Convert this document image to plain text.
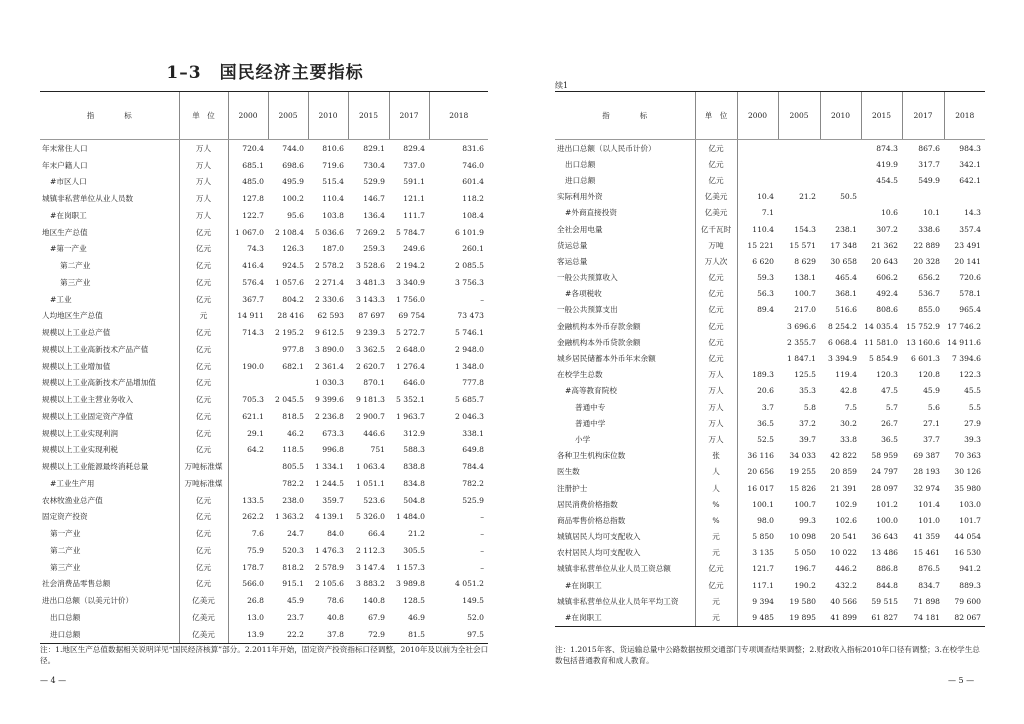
1–3　国民经济主要指标
续1
指　　　　标	单　位	2000	2005	2010	2015	2017	2018
年末常住人口	万人	720.4	744.0	810.6	829.1	829.4	831.6
年末户籍人口	万人	685.1	698.6	719.6	730.4	737.0	746.0
#市区人口	万人	485.0	495.9	515.4	529.9	591.1	601.4
城镇非私营单位从业人员数	万人	127.8	100.2	110.4	146.7	121.1	118.2
#在岗职工	万人	122.7	95.6	103.8	136.4	111.7	108.4
地区生产总值	亿元	1 067.0	2 108.4	5 036.6	7 269.2	5 784.7	6 101.9
#第一产业	亿元	74.3	126.3	187.0	259.3	249.6	260.1
第二产业	亿元	416.4	924.5	2 578.2	3 528.6	2 194.2	2 085.5
第三产业	亿元	576.4	1 057.6	2 271.4	3 481.3	3 340.9	3 756.3
#工业	亿元	367.7	804.2	2 330.6	3 143.3	1 756.0	–
人均地区生产总值	元	14 911	28 416	62 593	87 697	69 754	73 473
规模以上工业总产值	亿元	714.3	2 195.2	9 612.5	9 239.3	5 272.7	5 746.1
规模以上工业高新技术产品产值	亿元		977.8	3 890.0	3 362.5	2 648.0	2 948.0
规模以上工业增加值	亿元	190.0	682.1	2 361.4	2 620.7	1 276.4	1 348.0
规模以上工业高新技术产品增加值	亿元			1 030.3	870.1	646.0	777.8
规模以上工业主营业务收入	亿元	705.3	2 045.5	9 399.6	9 181.3	5 352.1	5 685.7
规模以上工业固定资产净值	亿元	621.1	818.5	2 236.8	2 900.7	1 963.7	2 046.3
规模以上工业实现利润	亿元	29.1	46.2	673.3	446.6	312.9	338.1
规模以上工业实现利税	亿元	64.2	118.5	996.8	751	588.3	649.8
规模以上工业能源最终消耗总量	万吨标准煤		805.5	1 334.1	1 063.4	838.8	784.4
#工业生产用	万吨标准煤		782.2	1 244.5	1 051.1	834.8	782.2
农林牧渔业总产值	亿元	133.5	238.0	359.7	523.6	504.8	525.9
固定资产投资	亿元	262.2	1 363.2	4 139.1	5 326.0	1 484.0	–
第一产业	亿元	7.6	24.7	84.0	66.4	21.2	–
第二产业	亿元	75.9	520.3	1 476.3	2 112.3	305.5	–
第三产业	亿元	178.7	818.2	2 578.9	3 147.4	1 157.3	–
社会消费品零售总额	亿元	566.0	915.1	2 105.6	3 883.2	3 989.8	4 051.2
进出口总额（以美元计价）	亿美元	26.8	45.9	78.6	140.8	128.5	149.5
出口总额	亿美元	13.0	23.7	40.8	67.9	46.9	52.0
进口总额	亿美元	13.9	22.2	37.8	72.9	81.5	97.5
指　　　　标	单　位	2000	2005	2010	2015	2017	2018
进出口总额（以人民币计价）	亿元				874.3	867.6	984.3
出口总额	亿元				419.9	317.7	342.1
进口总额	亿元				454.5	549.9	642.1
实际利用外资	亿美元	10.4	21.2	50.5			
#外商直接投资	亿美元	7.1			10.6	10.1	14.3
全社会用电量	亿千瓦时	110.4	154.3	238.1	307.2	338.6	357.4
货运总量	万吨	15 221	15 571	17 348	21 362	22 889	23 491
客运总量	万人次	6 620	8 629	30 658	20 643	20 328	20 141
一般公共预算收入	亿元	59.3	138.1	465.4	606.2	656.2	720.6
#各项税收	亿元	56.3	100.7	368.1	492.4	536.7	578.1
一般公共预算支出	亿元	89.4	217.0	516.6	808.6	855.0	965.4
金融机构本外币存款余额	亿元		3 696.6	8 254.2	14 035.4	15 752.9	17 746.2
金融机构本外币贷款余额	亿元		2 355.7	6 068.4	11 581.0	13 160.6	14 911.6
城乡居民储蓄本外币年末余额	亿元		1 847.1	3 394.9	5 854.9	6 601.3	7 394.6
在校学生总数	万人	189.3	125.5	119.4	120.3	120.8	122.3
#高等教育院校	万人	20.6	35.3	42.8	47.5	45.9	45.5
普通中专	万人	3.7	5.8	7.5	5.7	5.6	5.5
普通中学	万人	36.5	37.2	30.2	26.7	27.1	27.9
小学	万人	52.5	39.7	33.8	36.5	37.7	39.3
各种卫生机构床位数	张	36 116	34 033	42 822	58 959	69 387	70 363
医生数	人	20 656	19 255	20 859	24 797	28 193	30 126
注册护士	人	16 017	15 826	21 391	28 097	32 974	35 980
居民消费价格指数	%	100.1	100.7	102.9	101.2	101.4	103.0
商品零售价格总指数	%	98.0	99.3	102.6	100.0	101.0	101.7
城镇居民人均可支配收入	元	5 850	10 098	20 541	36 643	41 359	44 054
农村居民人均可支配收入	元	3 135	5 050	10 022	13 486	15 461	16 530
城镇非私营单位从业人员工资总额	亿元	121.7	196.7	446.2	886.8	876.5	941.2
#在岗职工	亿元	117.1	190.2	432.2	844.8	834.7	889.3
城镇非私营单位从业人员年平均工资	元	9 394	19 580	40 566	59 515	71 898	79 600
#在岗职工	元	9 485	19 895	41 899	61 827	74 181	82 067
注：1.地区生产总值数据相关说明详见“国民经济核算”部分。2.2011年开始，固定资产投资指标口径调整，2010年及以前为全社会口径。
注：1.2015年客、货运输总量中公路数据按照交通部门专项调查结果调整；2.财政收入指标2010年口径有调整；3.在校学生总数包括普通教育和成人教育。
— 4 —	— 5 —
